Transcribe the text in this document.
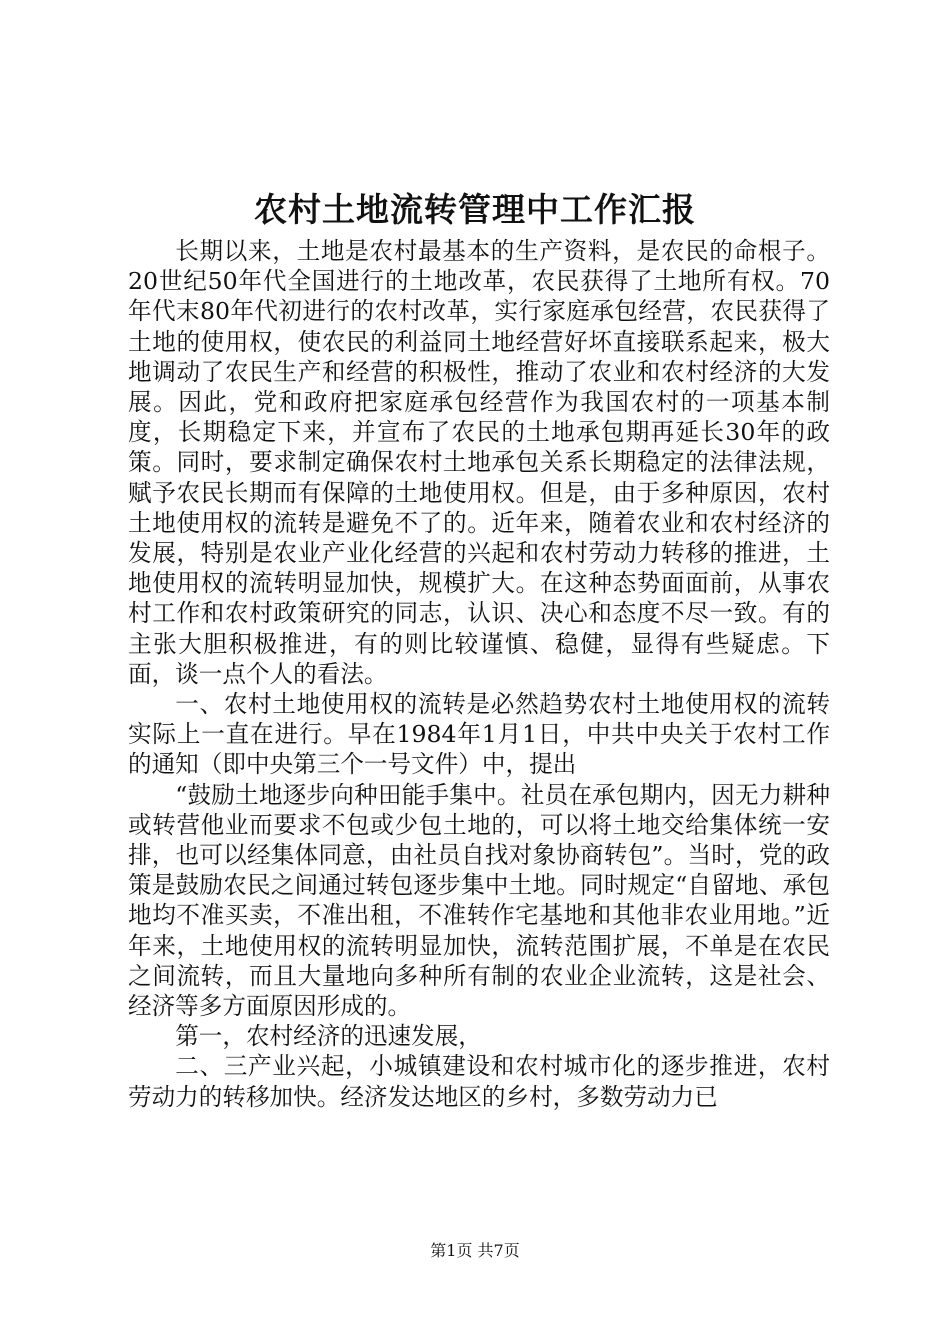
农村土地流转管理中工作汇报

长期以来，土地是农村最基本的生产资料，是农民的命根子。20世纪50年代全国进行的土地改革，农民获得了土地所有权。70年代末80年代初进行的农村改革，实行家庭承包经营，农民获得了土地的使用权，使农民的利益同土地经营好坏直接联系起来，极大地调动了农民生产和经营的积极性，推动了农业和农村经济的大发展。因此，党和政府把家庭承包经营作为我国农村的一项基本制度，长期稳定下来，并宣布了农民的土地承包期再延长30年的政策。同时，要求制定确保农村土地承包关系长期稳定的法律法规，赋予农民长期而有保障的土地使用权。但是，由于多种原因，农村土地使用权的流转是避免不了的。近年来，随着农业和农村经济的发展，特别是农业产业化经营的兴起和农村劳动力转移的推进，土地使用权的流转明显加快，规模扩大。在这种态势面面前，从事农村工作和农村政策研究的同志，认识、决心和态度不尽一致。有的主张大胆积极推进，有的则比较谨慎、稳健，显得有些疑虑。下面，谈一点个人的看法。

一、农村土地使用权的流转是必然趋势农村土地使用权的流转实际上一直在进行。早在1984年1月1日，中共中央关于农村工作的通知（即中央第三个一号文件）中，提出

“鼓励土地逐步向种田能手集中。社员在承包期内，因无力耕种或转营他业而要求不包或少包土地的，可以将土地交给集体统一安排，也可以经集体同意，由社员自找对象协商转包”。当时，党的政策是鼓励农民之间通过转包逐步集中土地。同时规定“自留地、承包地均不准买卖，不准出租，不准转作宅基地和其他非农业用地。”近年来，土地使用权的流转明显加快，流转范围扩展，不单是在农民之间流转，而且大量地向多种所有制的农业企业流转，这是社会、经济等多方面原因形成的。

第一，农村经济的迅速发展，

二、三产业兴起，小城镇建设和农村城市化的逐步推进，农村劳动力的转移加快。经济发达地区的乡村，多数劳动力已

第1页 共7页
